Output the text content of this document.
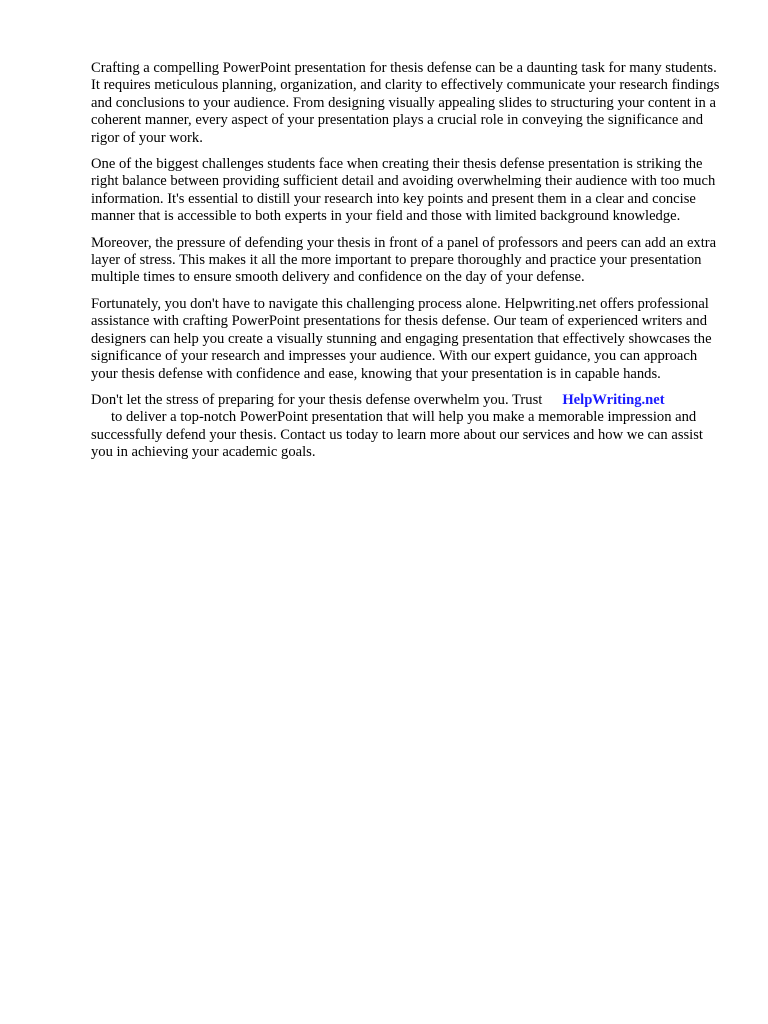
Crafting a compelling PowerPoint presentation for thesis defense can be a daunting task for many students. It requires meticulous planning, organization, and clarity to effectively communicate your research findings and conclusions to your audience. From designing visually appealing slides to structuring your content in a coherent manner, every aspect of your presentation plays a crucial role in conveying the significance and rigor of your work.

One of the biggest challenges students face when creating their thesis defense presentation is striking the right balance between providing sufficient detail and avoiding overwhelming their audience with too much information. It's essential to distill your research into key points and present them in a clear and concise manner that is accessible to both experts in your field and those with limited background knowledge.

Moreover, the pressure of defending your thesis in front of a panel of professors and peers can add an extra layer of stress. This makes it all the more important to prepare thoroughly and practice your presentation multiple times to ensure smooth delivery and confidence on the day of your defense.

Fortunately, you don't have to navigate this challenging process alone. Helpwriting.net offers professional assistance with crafting PowerPoint presentations for thesis defense. Our team of experienced writers and designers can help you create a visually stunning and engaging presentation that effectively showcases the significance of your research and impresses your audience. With our expert guidance, you can approach your thesis defense with confidence and ease, knowing that your presentation is in capable hands.

Don't let the stress of preparing for your thesis defense overwhelm you. Trust HelpWriting.net
to deliver a top-notch PowerPoint presentation that will help you make a memorable impression and successfully defend your thesis. Contact us today to learn more about our services and how we can assist you in achieving your academic goals.
